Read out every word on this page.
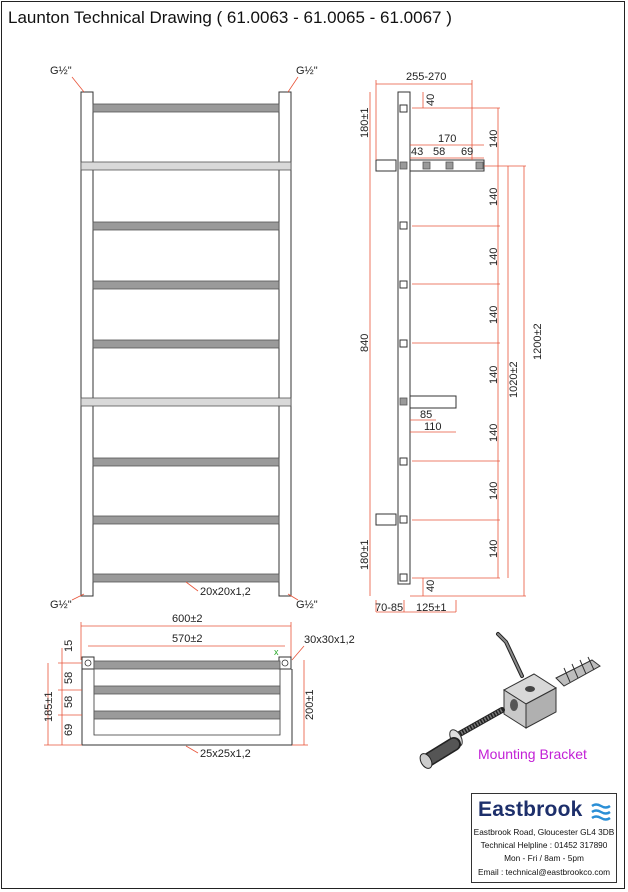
Launton Technical Drawing ( 61.0063 - 61.0065 - 61.0067 )
G½"	G½"
G½"	G½"
20x20x1,2
255-270
180±1
840
180±1
140
140
140
140
140
140
140
140
40
40
170
43 58 69
1020±2
1200±2
85
110
70-85 125±1
600±2
570±2	30x30x1,2
x
15
58
58
69
185±1	200±1
25x25x1,2	Mounting Bracket
Eastbrook
Eastbrook Road, Gloucester GL4 3DB
Technical Helpline : 01452 317890
Mon - Fri / 8am - 5pm
Email : technical@eastbrookco.com
